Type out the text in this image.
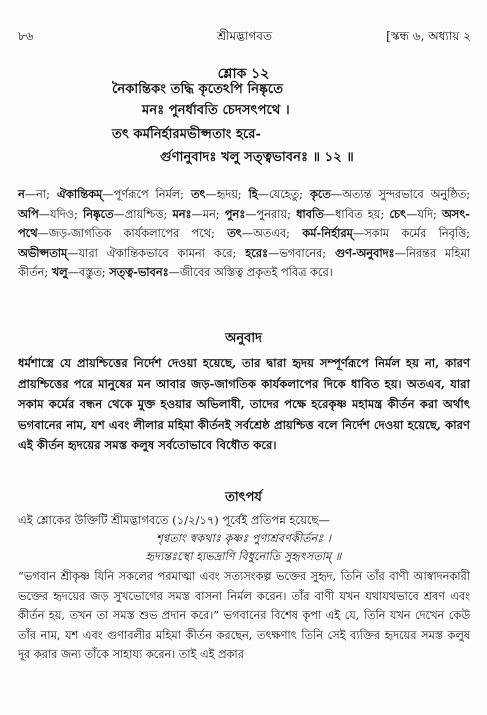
৮৬	শ্রীমদ্ভাগবত	[স্কন্ধ ৬, অধ্যায় ২
শ্লোক ১২
নৈকান্তিকং তদ্ধি কৃতেঽপি নিষ্কৃতে
মনঃ পুনর্ধাবতি চেদসৎপথে ।
তৎ কর্মনির্হারমভীপ্সতাং হরে-
র্গুণানুবাদঃ খলু সত্ত্বভাবনঃ ॥ ১২ ॥
ন—না; ঐকান্তিকম্—পূর্ণরূপে নির্মল; তৎ—হৃদয়; হি—যেহেতু; কৃতে—অত্যন্ত সুন্দরভাবে অনুষ্ঠিত; অপি—যদিও; নিষ্কৃতে—প্রায়শ্চিত্ত; মনঃ—মন; পুনঃ—পুনরায়; ধাবতি—ধাবিত হয়; চেৎ—যদি; অসৎ-পথে—জড়-জাগতিক কার্যকলাপের পথে; তৎ—অতএব; কর্ম-নির্হারম্—সকাম কর্মের নিবৃত্তি; অভীপ্সতাম্—যারা ঐকান্তিকভাবে কামনা করে; হরেঃ—ভগবানের; গুণ-অনুবাদঃ—নিরন্তর মহিমা কীর্তন; খলু—বস্তুত; সত্ত্ব-ভাবনঃ—জীবের অস্তিত্ব প্রকৃতই পবিত্র করে।
অনুবাদ
ধর্মশাস্ত্রে যে প্রায়শ্চিত্তের নির্দেশ দেওয়া হয়েছে, তার দ্বারা হৃদয় সম্পূর্ণরূপে নির্মল হয় না, কারণ প্রায়শ্চিত্তের পরে মানুষের মন আবার জড়-জাগতিক কার্যকলাপের দিকে ধাবিত হয়। অতএব, যারা সকাম কর্মের বন্ধন থেকে মুক্ত হওয়ার অভিলাষী, তাদের পক্ষে হরেকৃষ্ণ মহামন্ত্র কীর্তন করা অর্থাৎ ভগবানের নাম, যশ এবং লীলার মহিমা কীর্তনই সর্বশ্রেষ্ঠ প্রায়শ্চিত্ত বলে নির্দেশ দেওয়া হয়েছে, কারণ এই কীর্তন হৃদয়ের সমস্ত কলুষ সর্বতোভাবে বিধৌত করে।
তাৎপর্য
এই শ্লোকের উক্তিটি শ্রীমদ্ভাগবতে (১/২/১৭) পূর্বেই প্রতিপন্ন হয়েছে—
শৃণ্বতাং স্বকথাঃ কৃষ্ণঃ পুণ্যশ্রবণকীর্তনঃ ।
হৃদ্যন্তঃস্থো হ্যভদ্রাণি বিধুনোতি সুহৃৎসতাম্ ॥
“ভগবান শ্রীকৃষ্ণ যিনি সকলের পরমাত্মা এবং সত্যসংকল্প ভক্তের সুহৃদ, তিনি তাঁর বাণী আস্বাদনকারী ভক্তের হৃদয়ের জড় সুখভোগের সমস্ত বাসনা নির্মল করেন। তাঁর বাণী যখন যথাযথভাবে শ্রবণ এবং কীর্তন হয়, তখন তা সমস্ত শুভ প্রদান করে।” ভগবানের বিশেষ কৃপা এই যে, তিনি যখন দেখেন কেউ তাঁর নাম, যশ এবং গুণাবলীর মহিমা কীর্তন করছেন, তৎক্ষণাৎ তিনি সেই ব্যক্তির হৃদয়ের সমস্ত কলুষ দূর করার জন্য তাঁকে সাহায্য করেন। তাই এই প্রকার
